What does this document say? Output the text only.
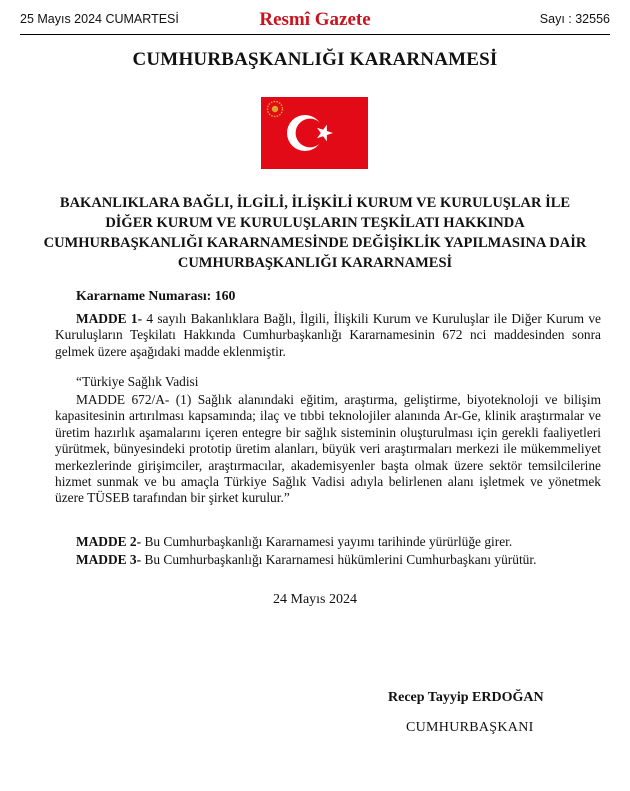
25 Mayıs 2024 CUMARTESİ	Resmî Gazete	Sayı : 32556
CUMHURBAŞKANLIĞI KARARNAMESİ
BAKANLIKLARA BAĞLI, İLGİLİ, İLİŞKİLİ KURUM VE KURULUŞLAR İLE
DİĞER KURUM VE KURULUŞLARIN TEŞKİLATI HAKKINDA
CUMHURBAŞKANLIĞI KARARNAMESİNDE DEĞİŞİKLİK YAPILMASINA DAİR
CUMHURBAŞKANLIĞI KARARNAMESİ
Kararname Numarası: 160
MADDE 1- 4 sayılı Bakanlıklara Bağlı, İlgili, İlişkili Kurum ve Kuruluşlar ile Diğer Kurum ve Kuruluşların Teşkilatı Hakkında Cumhurbaşkanlığı Kararnamesinin 672 nci maddesinden sonra gelmek üzere aşağıdaki madde eklenmiştir.
“Türkiye Sağlık Vadisi
MADDE 672/A- (1) Sağlık alanındaki eğitim, araştırma, geliştirme, biyoteknoloji ve bilişim kapasitesinin artırılması kapsamında; ilaç ve tıbbi teknolojiler alanında Ar-Ge, klinik araştırmalar ve üretim hazırlık aşamalarını içeren entegre bir sağlık sisteminin oluşturulması için gerekli faaliyetleri yürütmek, bünyesindeki prototip üretim alanları, büyük veri araştırmaları merkezi ile mükemmeliyet merkezlerinde girişimciler, araştırmacılar, akademisyenler başta olmak üzere sektör temsilcilerine hizmet sunmak ve bu amaçla Türkiye Sağlık Vadisi adıyla belirlenen alanı işletmek ve yönetmek üzere TÜSEB tarafından bir şirket kurulur.”
MADDE 2- Bu Cumhurbaşkanlığı Kararnamesi yayımı tarihinde yürürlüğe girer.
MADDE 3- Bu Cumhurbaşkanlığı Kararnamesi hükümlerini Cumhurbaşkanı yürütür.
24 Mayıs 2024
Recep Tayyip ERDOĞAN
CUMHURBAŞKANI
